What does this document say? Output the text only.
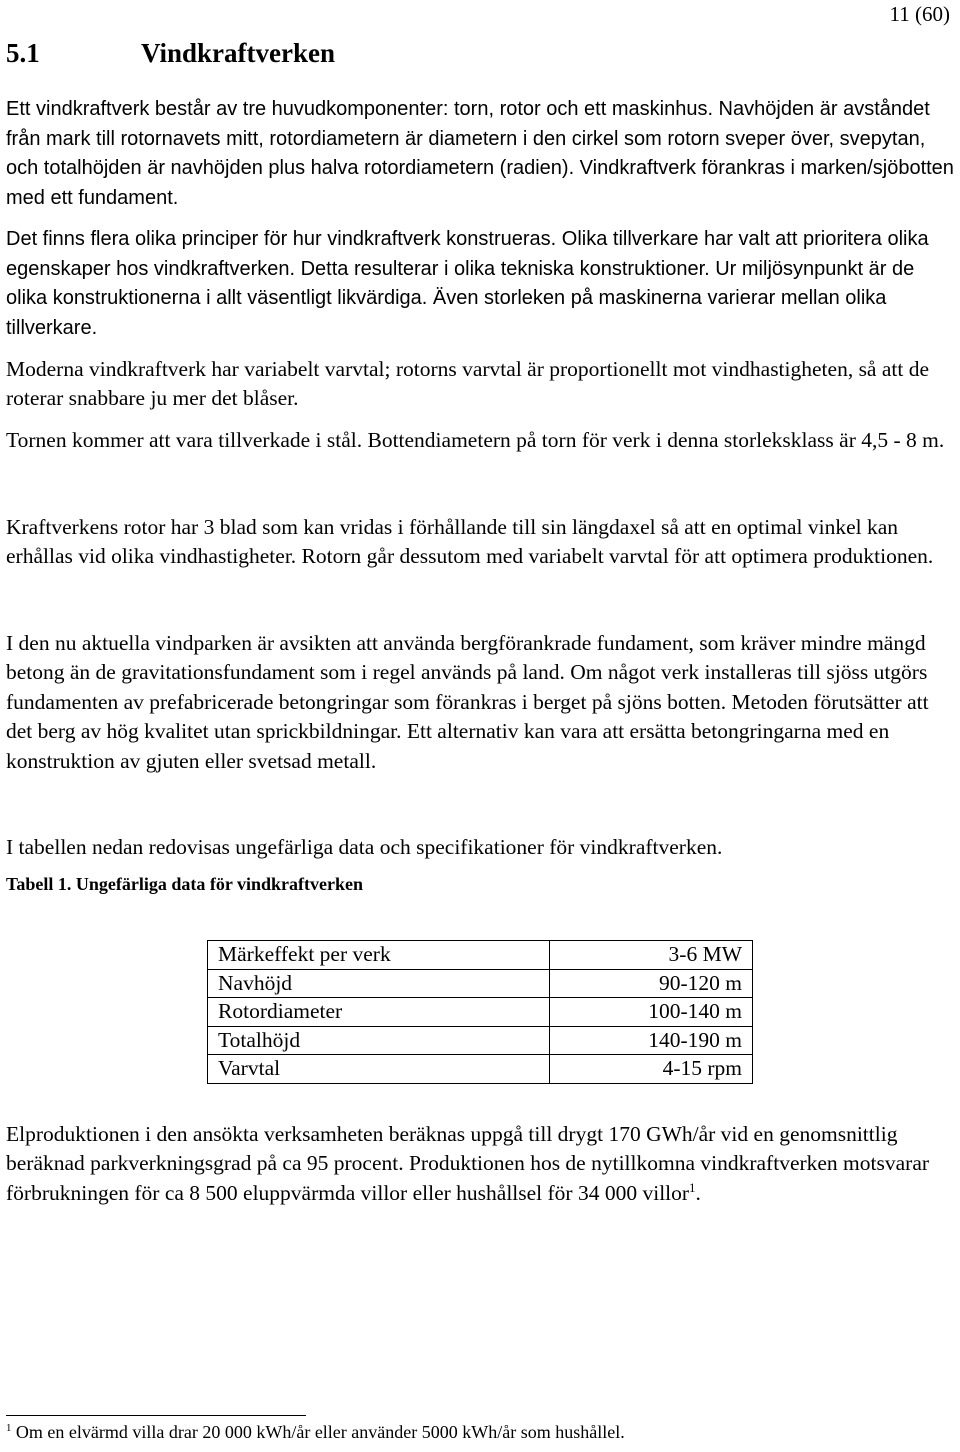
11 (60)
5.1	Vindkraftverken

Ett vindkraftverk består av tre huvudkomponenter: torn, rotor och ett maskinhus. Navhöjden är avståndet från mark till rotornavets mitt, rotordiametern är diametern i den cirkel som rotorn sveper över, svepytan, och totalhöjden är navhöjden plus halva rotordiametern (radien). Vindkraftverk förankras i marken/sjöbotten med ett fundament.

Det finns flera olika principer för hur vindkraftverk konstrueras. Olika tillverkare har valt att prioritera olika egenskaper hos vindkraftverken. Detta resulterar i olika tekniska konstruktioner. Ur miljösynpunkt är de olika konstruktionerna i allt väsentligt likvärdiga. Även storleken på maskinerna varierar mellan olika tillverkare.

Moderna vindkraftverk har variabelt varvtal; rotorns varvtal är proportionellt mot vindhastigheten, så att de roterar snabbare ju mer det blåser.

Tornen kommer att vara tillverkade i stål. Bottendiametern på torn för verk i denna storleksklass är 4,5 - 8 m.

Kraftverkens rotor har 3 blad som kan vridas i förhållande till sin längdaxel så att en optimal vinkel kan erhållas vid olika vindhastigheter. Rotorn går dessutom med variabelt varvtal för att optimera produktionen.

I den nu aktuella vindparken är avsikten att använda bergförankrade fundament, som kräver mindre mängd betong än de gravitationsfundament som i regel används på land. Om något verk installeras till sjöss utgörs fundamenten av prefabricerade betongringar som förankras i berget på sjöns botten. Metoden förutsätter att det berg av hög kvalitet utan sprickbildningar. Ett alternativ kan vara att ersätta betongringarna med en konstruktion av gjuten eller svetsad metall.

I tabellen nedan redovisas ungefärliga data och specifikationer för vindkraftverken.

Tabell 1. Ungefärliga data för vindkraftverken
Märkeffekt per verk	3-6 MW
Navhöjd	90-120 m
Rotordiameter	100-140 m
Totalhöjd	140-190 m
Varvtal	4-15 rpm

Elproduktionen i den ansökta verksamheten beräknas uppgå till drygt 170 GWh/år vid en genomsnittlig beräknad parkverkningsgrad på ca 95 procent. Produktionen hos de nytillkomna vindkraftverken motsvarar förbrukningen för ca 8 500 eluppvärmda villor eller hushållsel för 34 000 villor$^1$.

$^1$ Om en elvärmd villa drar 20 000 kWh/år eller använder 5000 kWh/år som hushållel.
